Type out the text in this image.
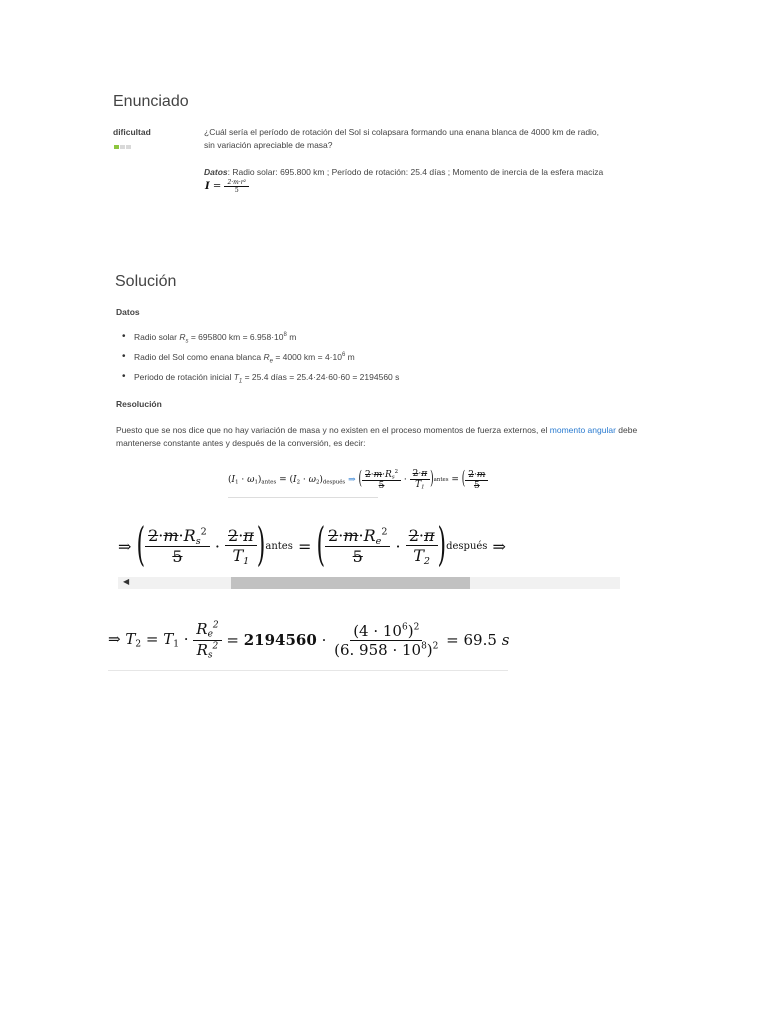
Enunciado
dificultad	¿Cuál sería el período de rotación del Sol si colapsara formando una enana blanca de 4000 km de radio,
sin variación apreciable de masa?
Datos: Radio solar: 695.800 km ; Período de rotación: 25.4 días ; Momento de inercia de la esfera maciza
$I = \frac{\text{2·m·r²}}{5}$
Solución
Datos
• Radio solar $R_s = 695800$ km = $6.958\cdot 10^8$ m
• Radio del Sol como enana blanca $R_e = 4000$ km = $4\cdot 10^6$ m
• Periodo de rotación inicial $T_1 = 25.4$ días = 25.4·24·60·60 = 2194560 s
Resolución
Puesto que se nos dice que no hay variación de masa y no existen en el proceso momentos de fuerza externos, el momento angular debe mantenerse constante antes y después de la conversión, es decir:
$(I_1 \cdot \omega_1)_{antes} = (I_2 \cdot \omega_2)_{después}$ ⇒ ( $\frac{2\cdot m\cdot R_s^2}{5} \cdot \frac{2\cdot\pi}{T_1}$ ) antes = ( $\frac{2\cdot m}{5}$
⇒ ( $\frac{2\cdot m\cdot R_s^2}{5} \cdot \frac{2\cdot\pi}{T_1}$ ) antes = ( $\frac{2\cdot m\cdot R_e^2}{5} \cdot \frac{2\cdot\pi}{T_2}$ ) después ⇒
◀
⇒ $T_2 = T_1 \cdot \frac{R_e^2}{R_s^2} = 2194560 \cdot \frac{(4 \cdot 10^6)^2}{(6. 958 \cdot 10^8)^2} = 69.5$ s
